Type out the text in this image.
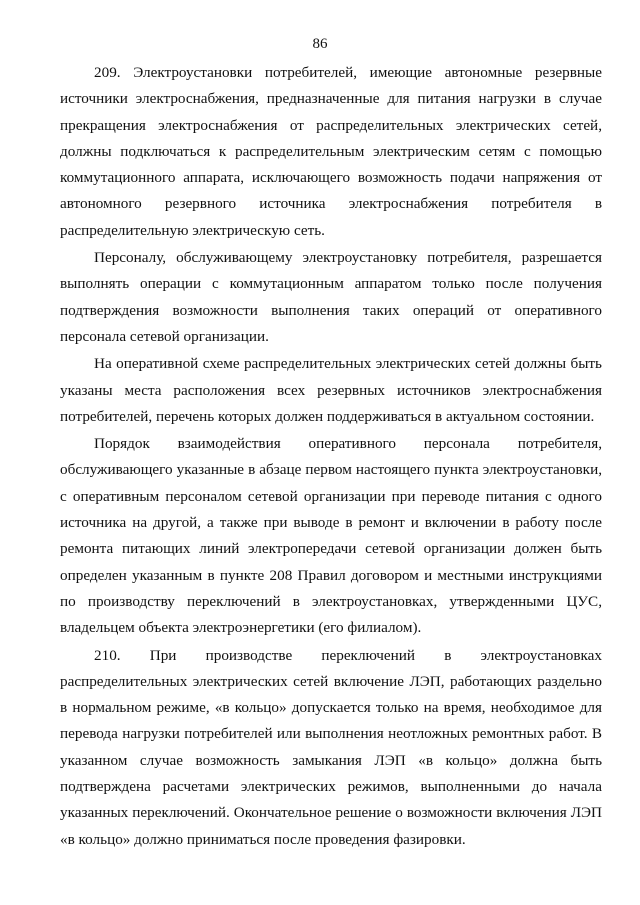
86

209. Электроустановки потребителей, имеющие автономные резервные источники электроснабжения, предназначенные для питания нагрузки в случае прекращения электроснабжения от распределительных электрических сетей, должны подключаться к распределительным электрическим сетям с помощью коммутационного аппарата, исключающего возможность подачи напряжения от автономного резервного источника электроснабжения потребителя в распределительную электрическую сеть.

Персоналу, обслуживающему электроустановку потребителя, разрешается выполнять операции с коммутационным аппаратом только после получения подтверждения возможности выполнения таких операций от оперативного персонала сетевой организации.

На оперативной схеме распределительных электрических сетей должны быть указаны места расположения всех резервных источников электроснабжения потребителей, перечень которых должен поддерживаться в актуальном состоянии.

Порядок взаимодействия оперативного персонала потребителя, обслуживающего указанные в абзаце первом настоящего пункта электроустановки, с оперативным персоналом сетевой организации при переводе питания с одного источника на другой, а также при выводе в ремонт и включении в работу после ремонта питающих линий электропередачи сетевой организации должен быть определен указанным в пункте 208 Правил договором и местными инструкциями по производству переключений в электроустановках, утвержденными ЦУС, владельцем объекта электроэнергетики (его филиалом).

210. При производстве переключений в электроустановках распределительных электрических сетей включение ЛЭП, работающих раздельно в нормальном режиме, «в кольцо» допускается только на время, необходимое для перевода нагрузки потребителей или выполнения неотложных ремонтных работ. В указанном случае возможность замыкания ЛЭП «в кольцо» должна быть подтверждена расчетами электрических режимов, выполненными до начала указанных переключений. Окончательное решение о возможности включения ЛЭП «в кольцо» должно приниматься после проведения фазировки.
